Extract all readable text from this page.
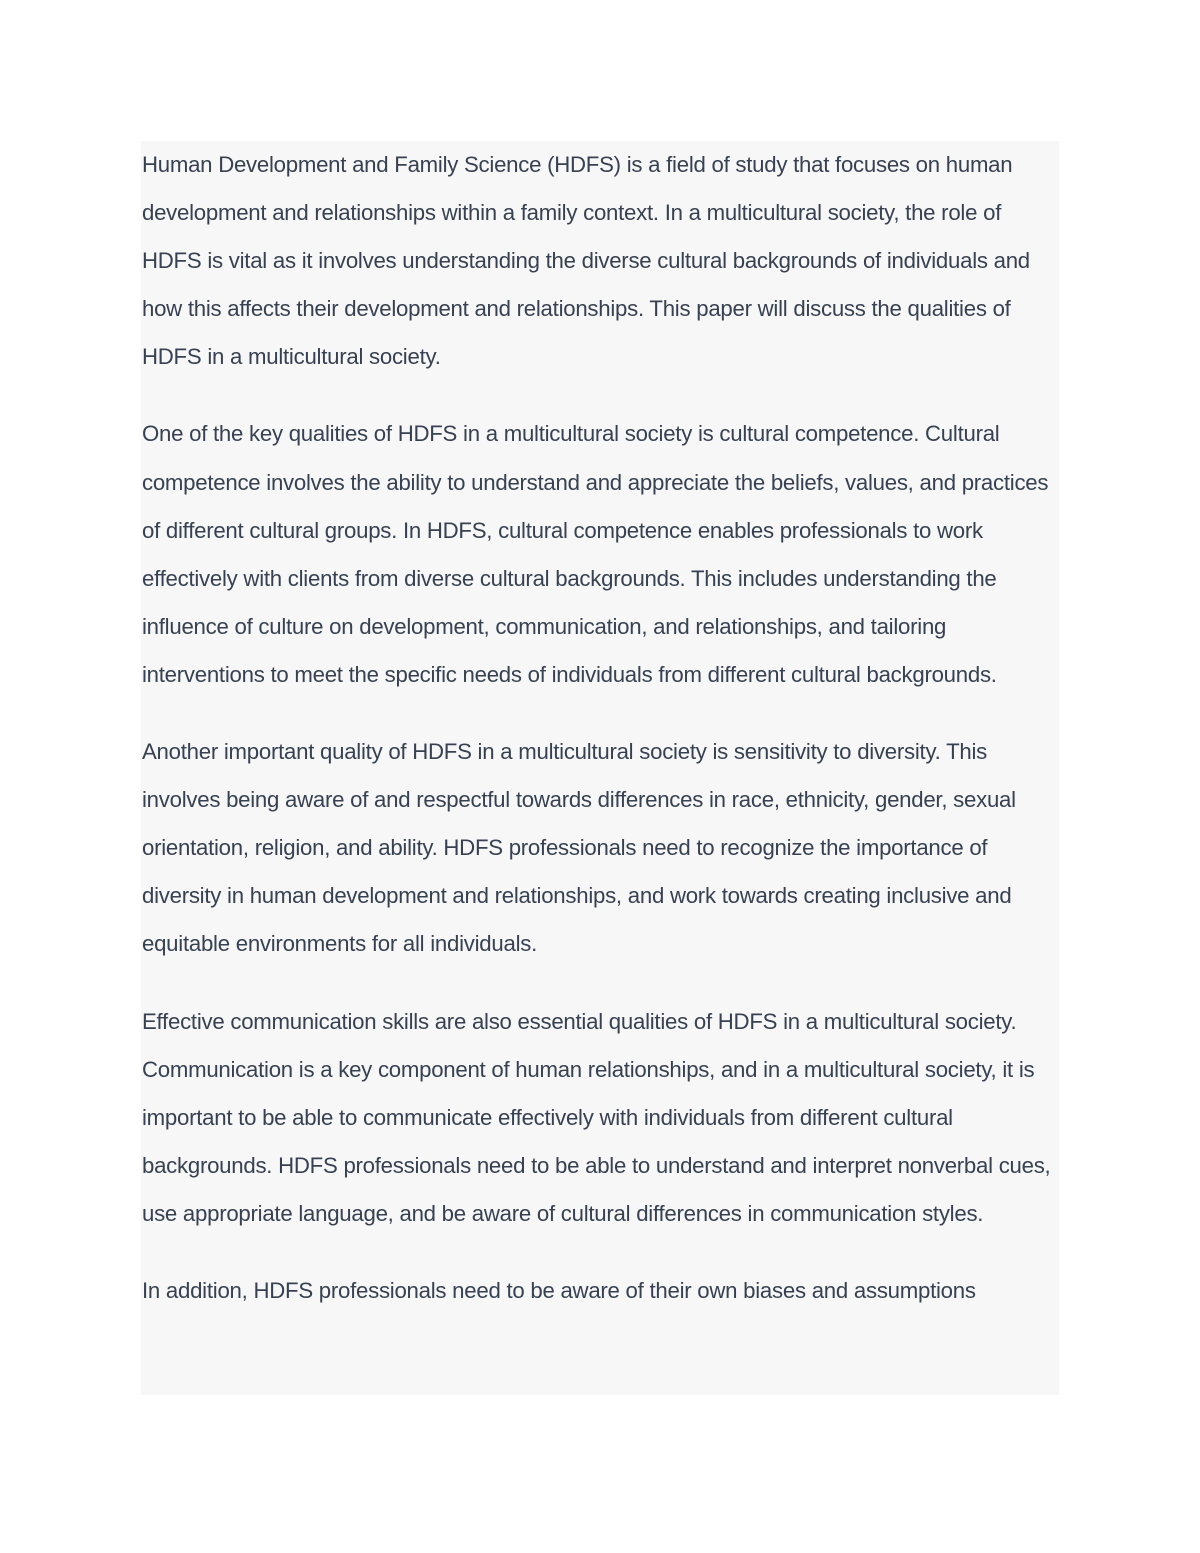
Human Development and Family Science (HDFS) is a field of study that focuses on human development and relationships within a family context. In a multicultural society, the role of HDFS is vital as it involves understanding the diverse cultural backgrounds of individuals and how this affects their development and relationships. This paper will discuss the qualities of HDFS in a multicultural society.

One of the key qualities of HDFS in a multicultural society is cultural competence. Cultural competence involves the ability to understand and appreciate the beliefs, values, and practices of different cultural groups. In HDFS, cultural competence enables professionals to work effectively with clients from diverse cultural backgrounds. This includes understanding the influence of culture on development, communication, and relationships, and tailoring interventions to meet the specific needs of individuals from different cultural backgrounds.

Another important quality of HDFS in a multicultural society is sensitivity to diversity. This involves being aware of and respectful towards differences in race, ethnicity, gender, sexual orientation, religion, and ability. HDFS professionals need to recognize the importance of diversity in human development and relationships, and work towards creating inclusive and equitable environments for all individuals.

Effective communication skills are also essential qualities of HDFS in a multicultural society. Communication is a key component of human relationships, and in a multicultural society, it is important to be able to communicate effectively with individuals from different cultural backgrounds. HDFS professionals need to be able to understand and interpret nonverbal cues, use appropriate language, and be aware of cultural differences in communication styles.

In addition, HDFS professionals need to be aware of their own biases and assumptions
